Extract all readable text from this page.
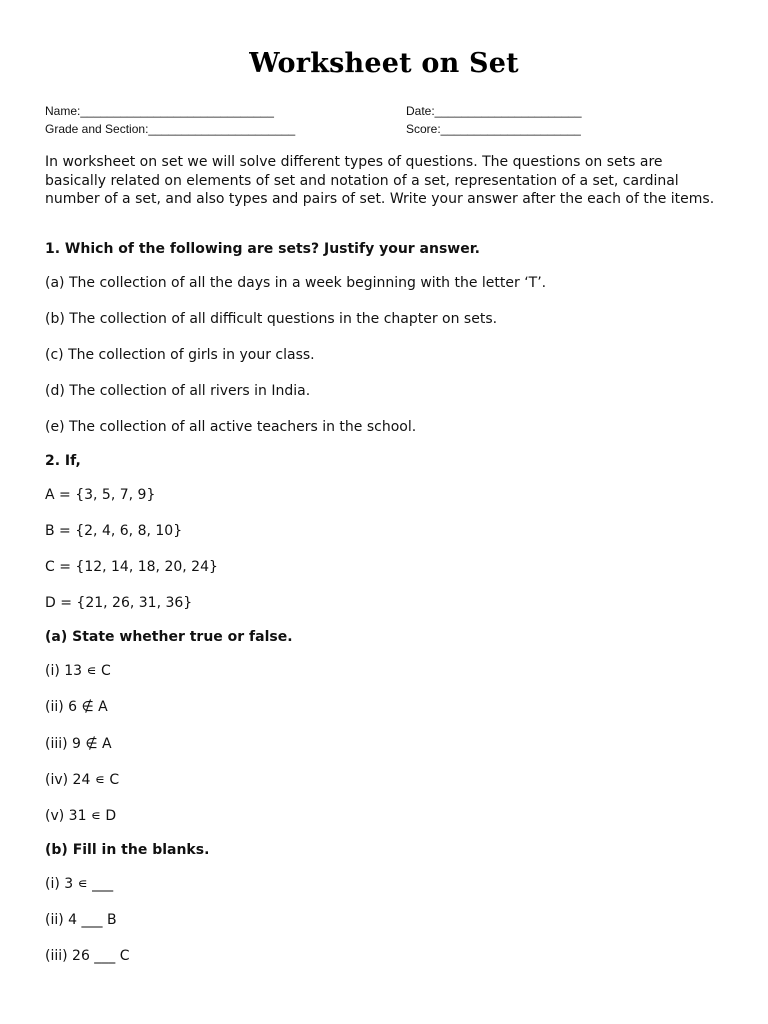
Worksheet on Set
Name:_____________________________	Date:______________________
Grade and Section:______________________	Score:_____________________
In worksheet on set we will solve different types of questions. The questions on sets are basically related on elements of set and notation of a set, representation of a set, cardinal number of a set, and also types and pairs of set. Write your answer after the each of the items.
1. Which of the following are sets? Justify your answer.
(a) The collection of all the days in a week beginning with the letter ‘T’.
(b) The collection of all difficult questions in the chapter on sets.
(c) The collection of girls in your class.
(d) The collection of all rivers in India.
(e) The collection of all active teachers in the school.
2. If,
A = {3, 5, 7, 9}
B = {2, 4, 6, 8, 10}
C = {12, 14, 18, 20, 24}
D = {21, 26, 31, 36}
(a) State whether true or false.
(i) 13 ∊ C
(ii) 6 ∉ A
(iii) 9 ∉ A
(iv) 24 ∊ C
(v) 31 ∊ D
(b) Fill in the blanks.
(i) 3 ∊ ___
(ii) 4 ___ B
(iii) 26 ___ C
